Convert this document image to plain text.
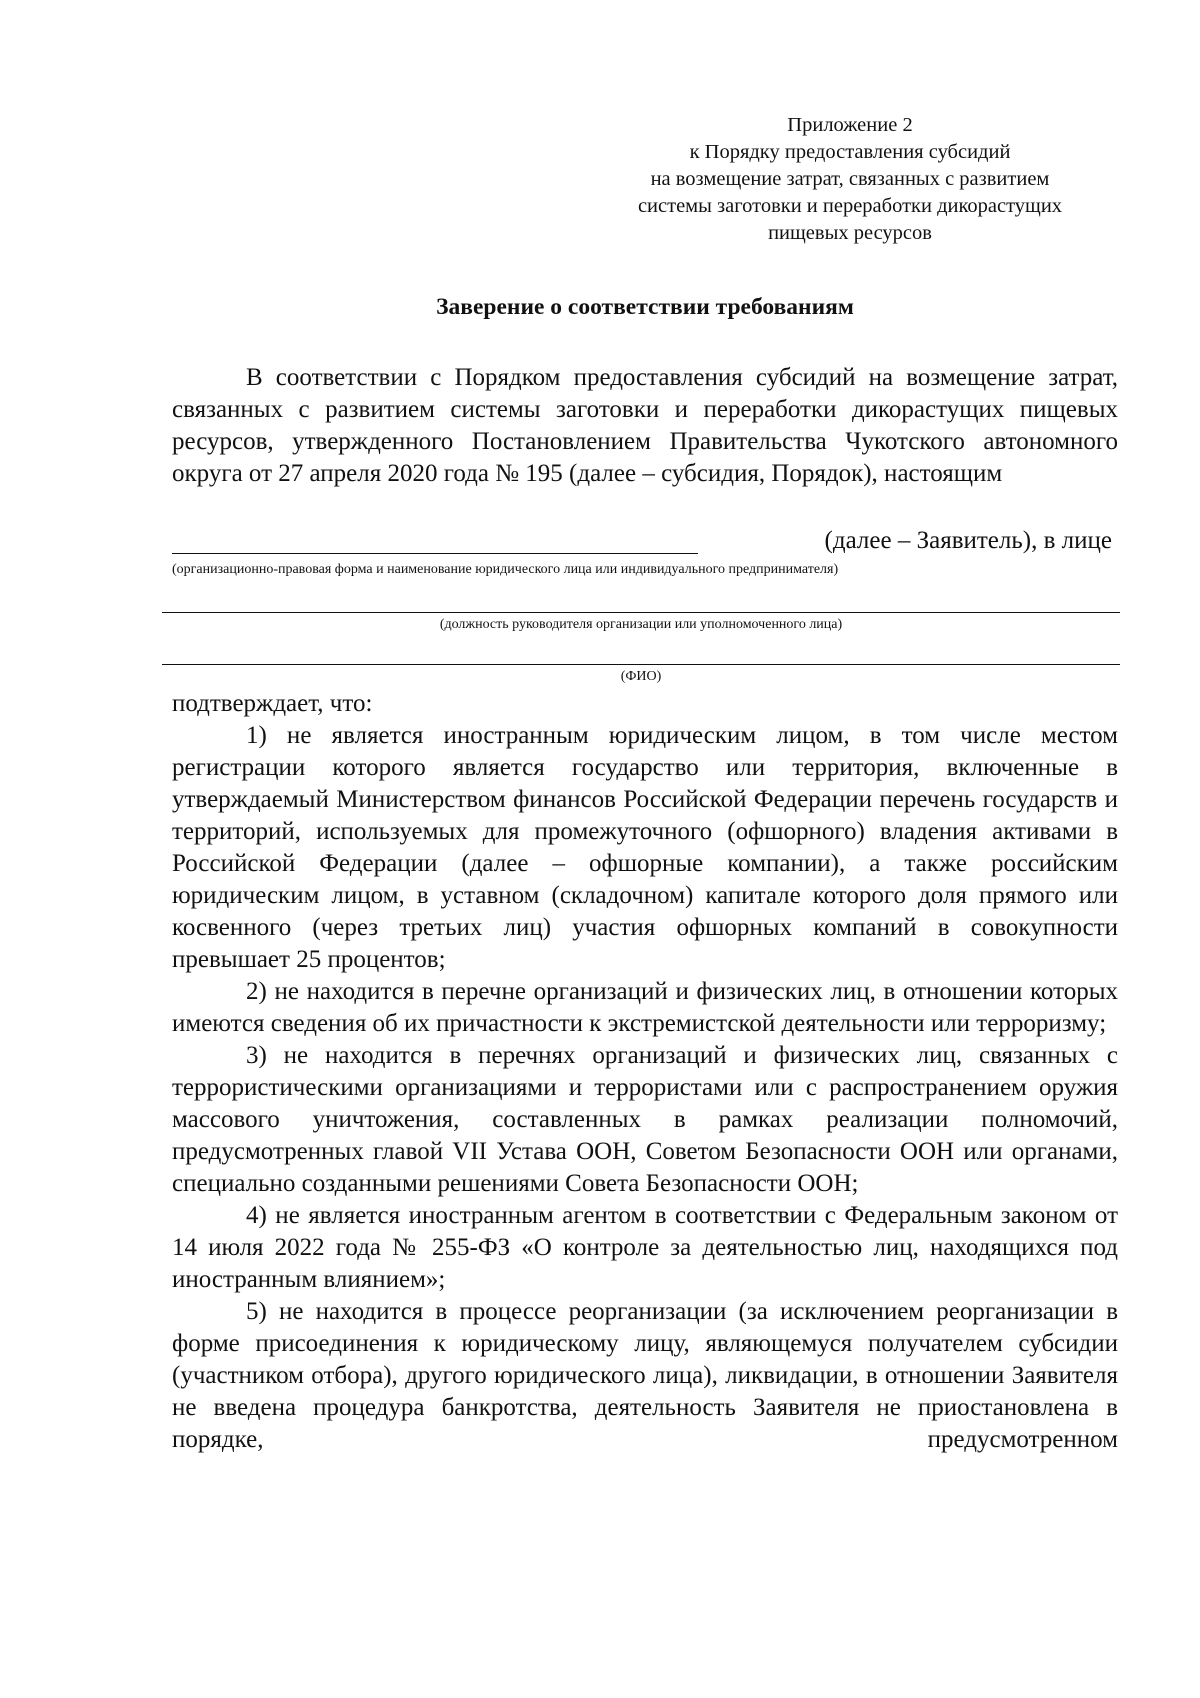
Приложение 2
к Порядку предоставления субсидий
на возмещение затрат, связанных с развитием
системы заготовки и переработки дикорастущих
пищевых ресурсов
Заверение о соответствии требованиям

В соответствии с Порядком предоставления субсидий на возмещение затрат, связанных с развитием системы заготовки и переработки дикорастущих пищевых ресурсов, утвержденного Постановлением Правительства Чукотского автономного округа от 27 апреля 2020 года № 195 (далее – субсидия, Порядок), настоящим

(далее – Заявитель), в лице
(организационно-правовая форма и наименование юридического лица или индивидуального предпринимателя)
(должность руководителя организации или уполномоченного лица)
(ФИО)

подтверждает, что:

1) не является иностранным юридическим лицом, в том числе местом регистрации которого является государство или территория, включенные в утверждаемый Министерством финансов Российской Федерации перечень государств и территорий, используемых для промежуточного (офшорного) владения активами в Российской Федерации (далее – офшорные компании), а также российским юридическим лицом, в уставном (складочном) капитале которого доля прямого или косвенного (через третьих лиц) участия офшорных компаний в совокупности превышает 25 процентов;

2) не находится в перечне организаций и физических лиц, в отношении которых имеются сведения об их причастности к экстремистской деятельности или терроризму;

3) не находится в перечнях организаций и физических лиц, связанных с террористическими организациями и террористами или с распространением оружия массового уничтожения, составленных в рамках реализации полномочий, предусмотренных главой VII Устава ООН, Советом Безопасности ООН или органами, специально созданными решениями Совета Безопасности ООН;

4) не является иностранным агентом в соответствии с Федеральным законом от 14 июля 2022 года № 255-ФЗ «О контроле за деятельностью лиц, находящихся под иностранным влиянием»;

5) не находится в процессе реорганизации (за исключением реорганизации в форме присоединения к юридическому лицу, являющемуся получателем субсидии (участником отбора), другого юридического лица), ликвидации, в отношении Заявителя не введена процедура банкротства, деятельность Заявителя не приостановлена в порядке, предусмотренном
